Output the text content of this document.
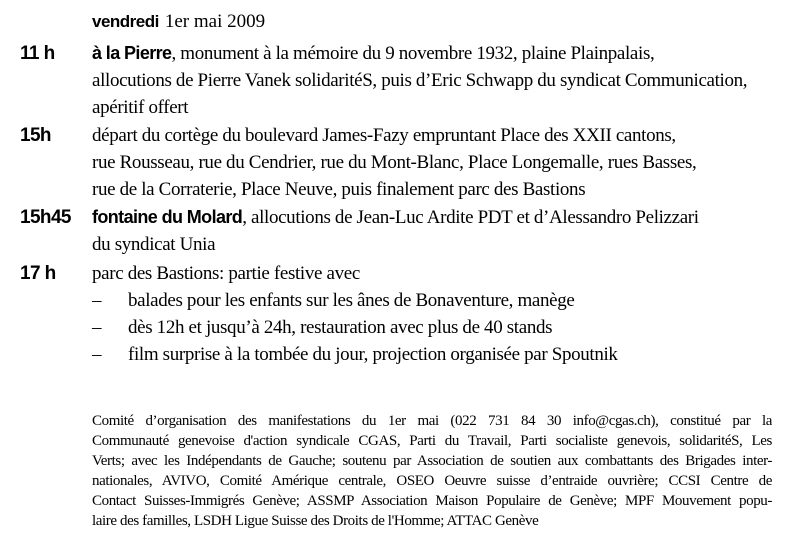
vendredi 1er mai 2009
11 h à la Pierre, monument à la mémoire du 9 novembre 1932, plaine Plainpalais,
allocutions de Pierre Vanek solidaritéS, puis d’Eric Schwapp du syndicat Communication,
apéritif offert
15h départ du cortège du boulevard James-Fazy empruntant Place des XXII cantons,
rue Rousseau, rue du Cendrier, rue du Mont-Blanc, Place Longemalle, rues Basses,
rue de la Corraterie, Place Neuve, puis finalement parc des Bastions
15h45 fontaine du Molard, allocutions de Jean-Luc Ardite PDT et d’Alessandro Pelizzari
du syndicat Unia
17 h parc des Bastions: partie festive avec
– balades pour les enfants sur les ânes de Bonaventure, manège
– dès 12h et jusqu’à 24h, restauration avec plus de 40 stands
– film surprise à la tombée du jour, projection organisée par Spoutnik
Comité d’organisation des manifestations du 1er mai (022 731 84 30 info@cgas.ch), constitué par la
Communauté genevoise d'action syndicale CGAS, Parti du Travail, Parti socialiste genevois, solidaritéS, Les
Verts; avec les Indépendants de Gauche; soutenu par Association de soutien aux combattants des Brigades inter-
nationales, AVIVO, Comité Amérique centrale, OSEO Oeuvre suisse d’entraide ouvrière; CCSI Centre de
Contact Suisses-Immigrés Genève; ASSMP Association Maison Populaire de Genève; MPF Mouvement popu-
laire des familles, LSDH Ligue Suisse des Droits de l'Homme; ATTAC Genève
